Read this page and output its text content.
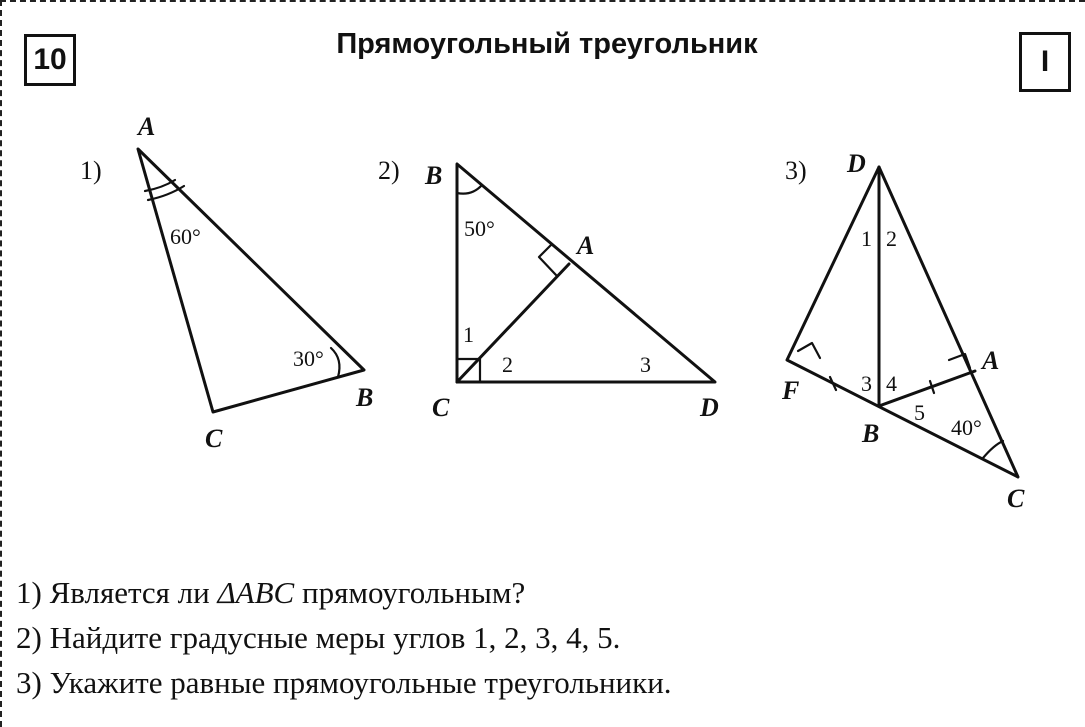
10	Прямоугольный треугольник
I
1)	2)	3)
A
B
C
60°
30°
B
A
C	D
50°
1
2	3
D
F
A
B
C
1 2
3 4
5
40°
1) Является ли ΔABC прямоугольным?
2) Найдите градусные меры углов 1, 2, 3, 4, 5.
3) Укажите равные прямоугольные треугольники.
